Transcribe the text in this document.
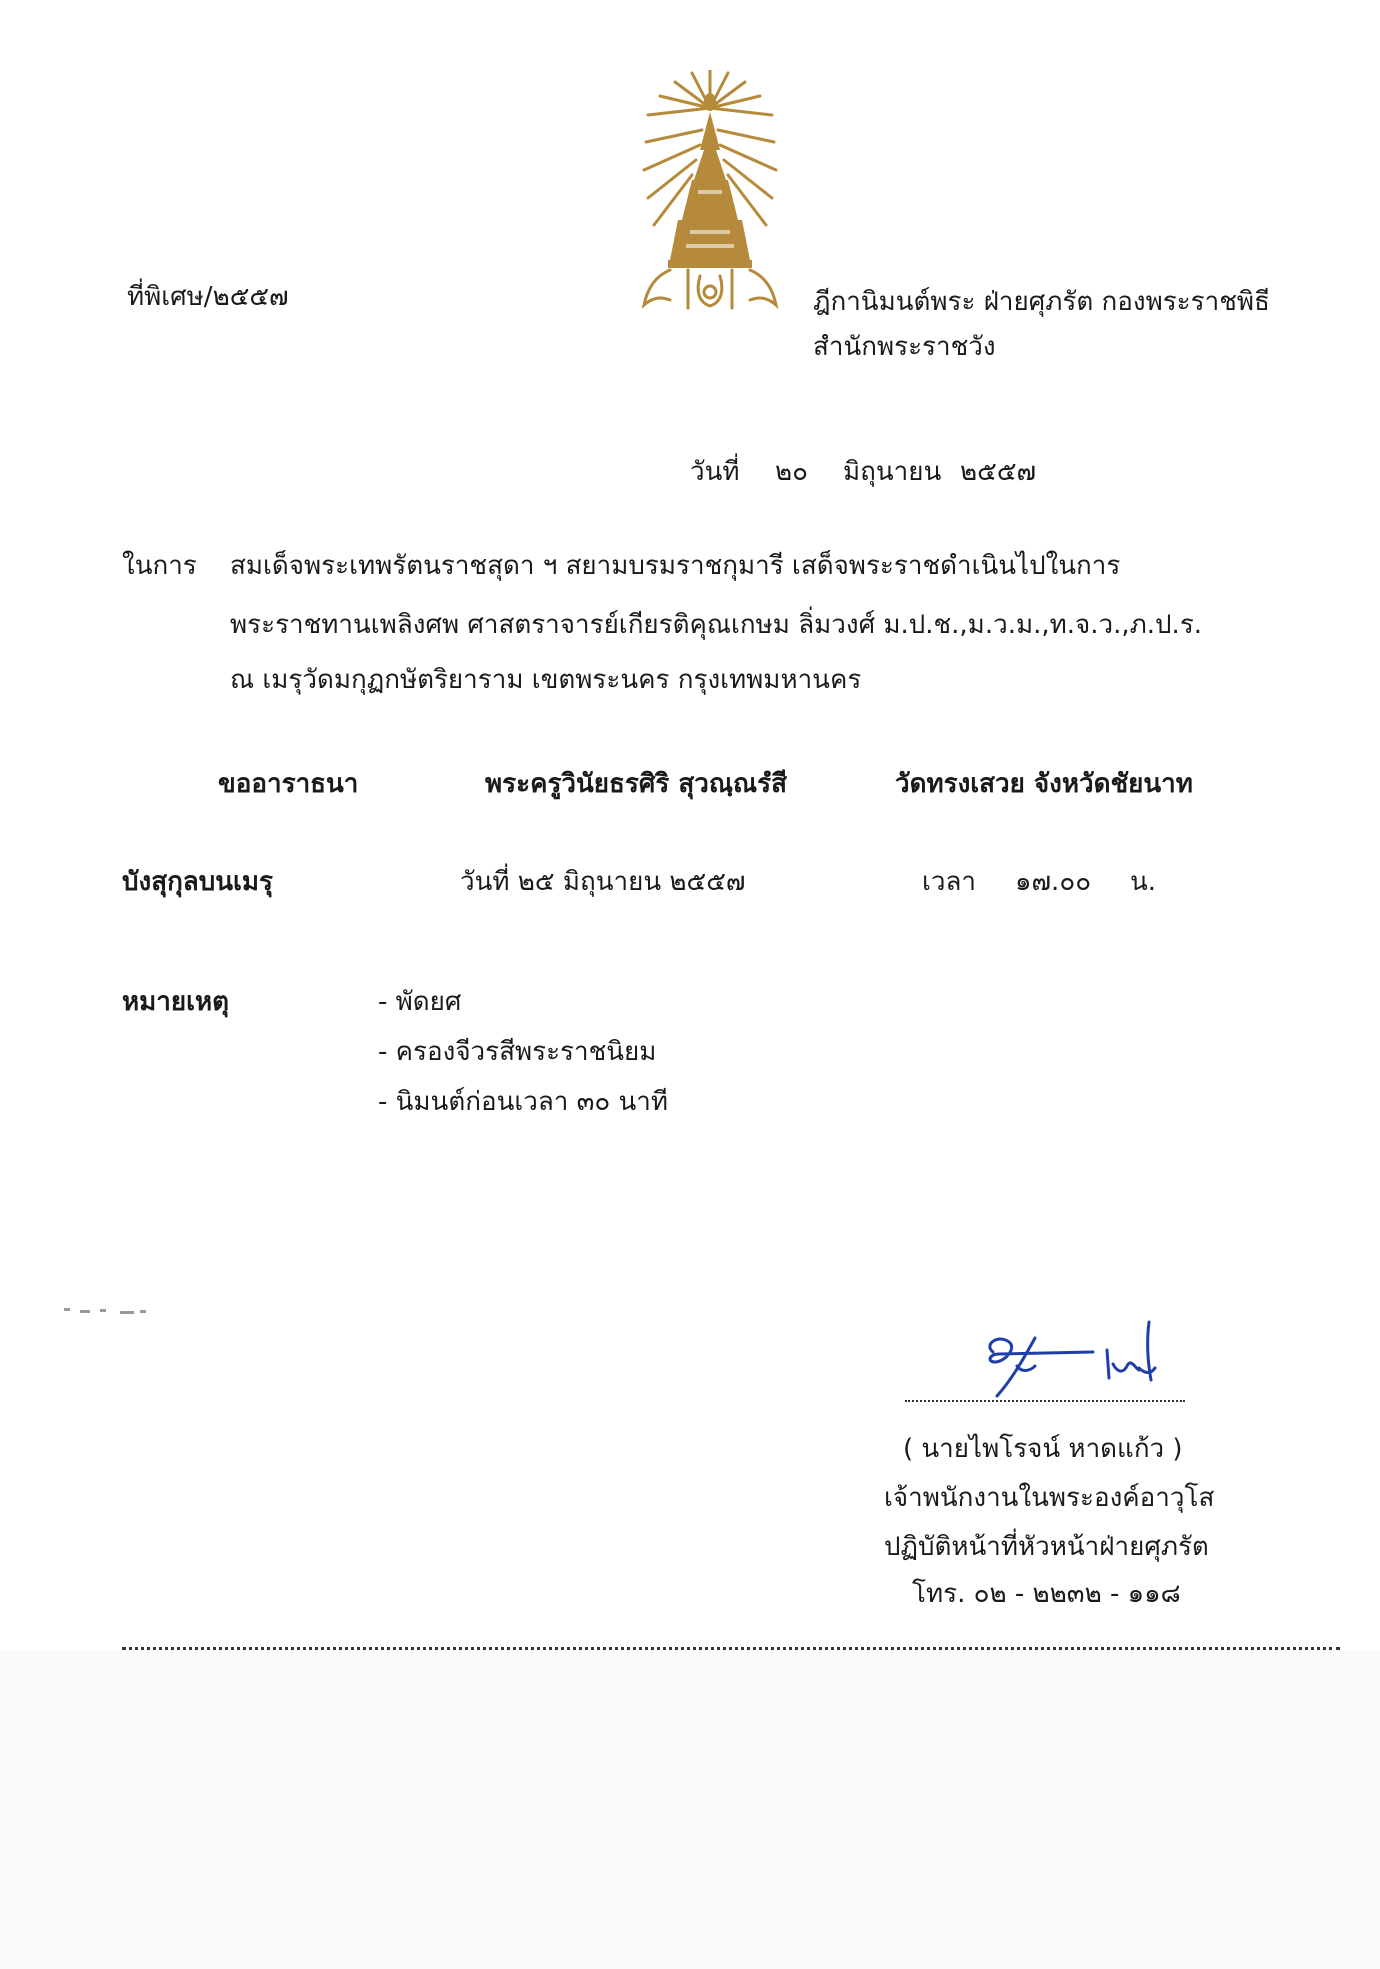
ที่พิเศษ/๒๕๕๗	ฎีกานิมนต์พระ ฝ่ายศุภรัต กองพระราชพิธี
สำนักพระราชวัง
วันที่ ๒๐ มิถุนายน ๒๕๕๗
ในการ สมเด็จพระเทพรัตนราชสุดา ฯ สยามบรมราชกุมารี เสด็จพระราชดำเนินไปในการ
พระราชทานเพลิงศพ ศาสตราจารย์เกียรติคุณเกษม ลิ่มวงศ์ ม.ป.ช.,ม.ว.ม.,ท.จ.ว.,ภ.ป.ร.
ณ เมรุวัดมกุฏกษัตริยาราม เขตพระนคร กรุงเทพมหานคร
ขออาราธนา	พระครูวินัยธรศิริ สุวณฺณรํสี	วัดทรงเสวย จังหวัดชัยนาท
บังสุกุลบนเมรุ	วันที่ ๒๕ มิถุนายน ๒๕๕๗	เวลา ๑๗.๐๐ น.
หมายเหตุ	- พัดยศ
- ครองจีวรสีพระราชนิยม
- นิมนต์ก่อนเวลา ๓๐ นาที
( นายไพโรจน์ หาดแก้ว )
เจ้าพนักงานในพระองค์อาวุโส
ปฏิบัติหน้าที่หัวหน้าฝ่ายศุภรัต
โทร. ๐๒ - ๒๒๓๒ - ๑๑๘
